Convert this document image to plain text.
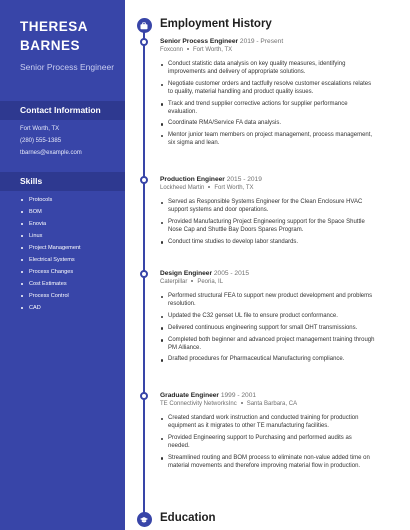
THERESA
BARNES
Senior Process Engineer
Contact Information
Fort Worth, TX
(280) 555-1385
tbarnes@example.com
Skills
Protocols
BOM
Enovia
Linux
Project Management
Electrical Systems
Process Changes
Cost Estimates
Process Control
CAD
Employment History
Senior Process Engineer 2019 - Present
Foxconn Fort Worth, TX
Conduct statistic data analysis on key quality measures, identifying improvements and delivery of appropriate solutions.
Negotiate customer orders and tactfully resolve customer escalations relates to quality, material handling and product quality issues.
Track and trend supplier corrective actions for supplier performance evaluation.
Coordinate RMA/Service FA data analysis.
Mentor junior team members on project management, process management, six sigma and lean.
Production Engineer 2015 - 2019
Lockheed Martin Fort Worth, TX
Served as Responsible Systems Engineer for the Clean Enclosure HVAC support systems and door operations.
Provided Manufacturing Project Engineering support for the Space Shuttle Nose Cap and Shuttle Bay Doors Spares Program.
Conduct time studies to develop labor standards.
Design Engineer 2005 - 2015
Caterpillar Peoria, IL
Performed structural FEA to support new product development and problems resolution.
Updated the C32 genset UL file to ensure product conformance.
Delivered continuous engineering support for small OHT transmissions.
Completed both beginner and advanced project management training through PM Alliance.
Drafted procedures for Pharmaceutical Manufacturing compliance.
Graduate Engineer 1999 - 2001
TE Connectivity NetworksInc Santa Barbara, CA
Created standard work instruction and conducted training for production equipment as it migrates to other TE manufacturing facilities.
Provided Engineering support to Purchasing and performed audits as needed.
Streamlined routing and BOM process to eliminate non-value added time on material movements and therefore improving material flow in production.
Education
